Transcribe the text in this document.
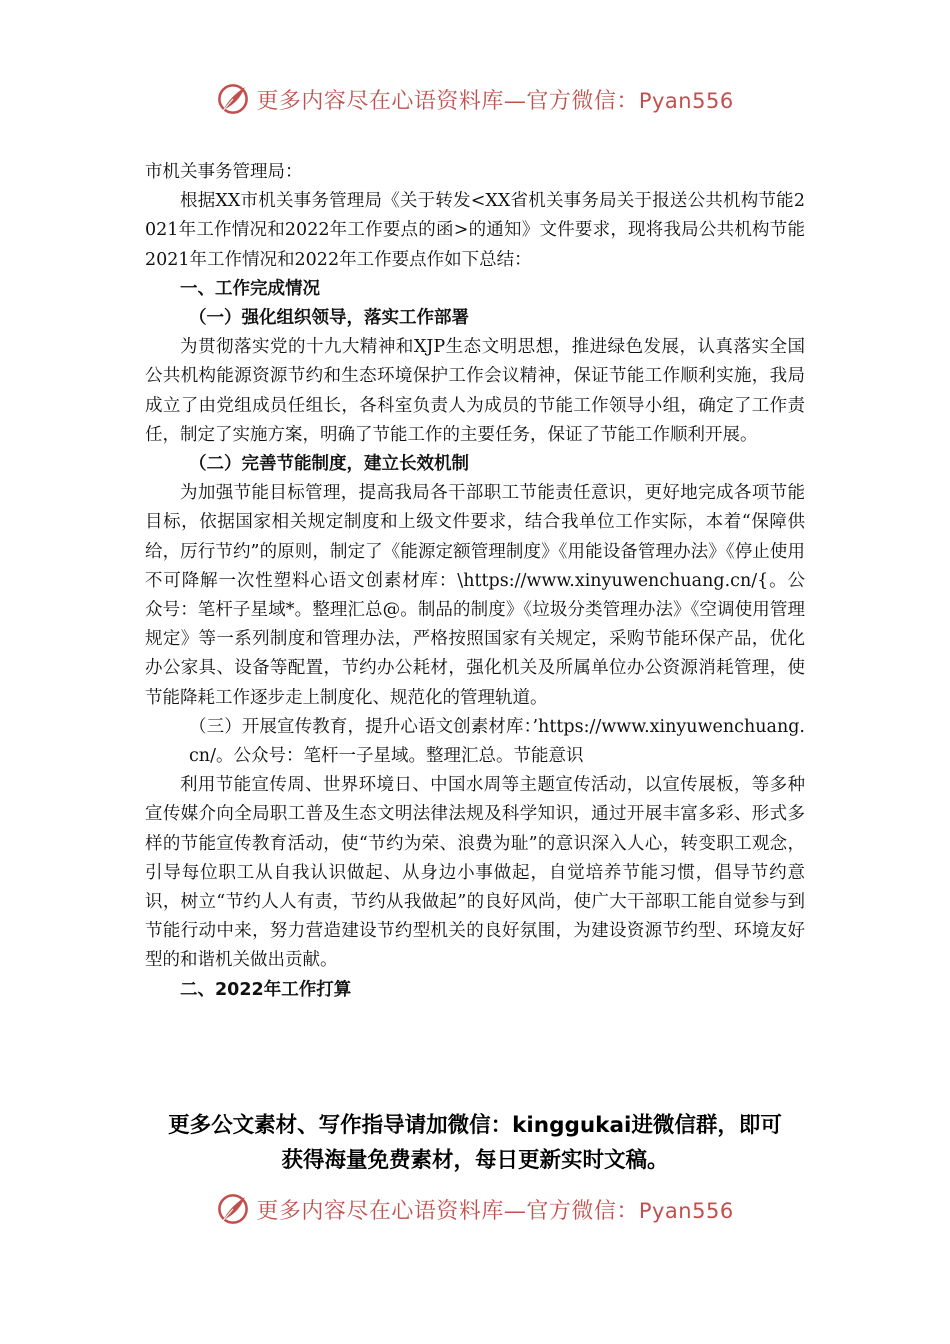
更多内容尽在心语资料库—官方微信：Pyan556

市机关事务管理局：

根据XX市机关事务管理局《关于转发<XX省机关事务局关于报送公共机构节能2021年工作情况和2022年工作要点的函>的通知》文件要求，现将我局公共机构节能2021年工作情况和2022年工作要点作如下总结：

一、工作完成情况

（一）强化组织领导，落实工作部署

为贯彻落实党的十九大精神和XJP生态文明思想，推进绿色发展，认真落实全国公共机构能源资源节约和生态环境保护工作会议精神，保证节能工作顺利实施，我局成立了由党组成员任组长，各科室负责人为成员的节能工作领导小组，确定了工作责任，制定了实施方案，明确了节能工作的主要任务，保证了节能工作顺利开展。

（二）完善节能制度，建立长效机制

为加强节能目标管理，提高我局各干部职工节能责任意识，更好地完成各项节能目标，依据国家相关规定制度和上级文件要求，结合我单位工作实际，本着“保障供给，厉行节约”的原则，制定了《能源定额管理制度》《用能设备管理办法》《停止使用不可降解一次性塑料心语文创素材库：\https://www.xinyuwenchuang.cn/{。公众号：笔杆子星域*。整理汇总@。制品的制度》《垃圾分类管理办法》《空调使用管理规定》等一系列制度和管理办法，严格按照国家有关规定，采购节能环保产品，优化办公家具、设备等配置，节约办公耗材，强化机关及所属单位办公资源消耗管理，使节能降耗工作逐步走上制度化、规范化的管理轨道。

（三）开展宣传教育，提升心语文创素材库：’https://www.xinyuwenchuang.cn/。公众号：笔杆一子星域。整理汇总。节能意识

利用节能宣传周、世界环境日、中国水周等主题宣传活动，以宣传展板，等多种宣传媒介向全局职工普及生态文明法律法规及科学知识，通过开展丰富多彩、形式多样的节能宣传教育活动，使“节约为荣、浪费为耻”的意识深入人心，转变职工观念，引导每位职工从自我认识做起、从身边小事做起，自觉培养节能习惯，倡导节约意识，树立“节约人人有责，节约从我做起”的良好风尚，使广大干部职工能自觉参与到节能行动中来，努力营造建设节约型机关的良好氛围，为建设资源节约型、环境友好型的和谐机关做出贡献。

二、2022年工作打算

更多公文素材、写作指导请加微信：kinggukai进微信群，即可
获得海量免费素材，每日更新实时文稿。
更多内容尽在心语资料库—官方微信：Pyan556
